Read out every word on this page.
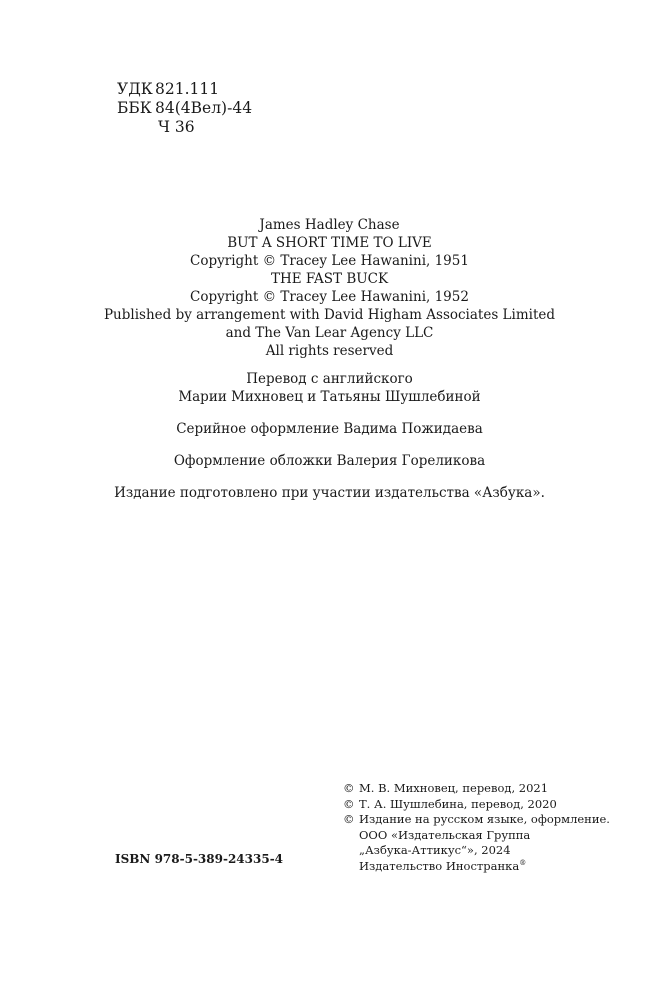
УДК 821.111
ББК 84(4Вел)-44
Ч 36
James Hadley Chase
BUT A SHORT TIME TO LIVE
Copyright © Tracey Lee Hawanini, 1951
THE FAST BUCK
Copyright © Tracey Lee Hawanini, 1952
Published by arrangement with David Higham Associates Limited
and The Van Lear Agency LLC
All rights reserved
Перевод с английского
Марии Михновец и Татьяны Шушлебиной
Серийное оформление Вадима Пожидаева
Оформление обложки Валерия Гореликова
Издание подготовлено при участии издательства «Азбука».
ISBN 978-5-389-24335-4
© М. В. Михновец, перевод, 2021
© Т. А. Шушлебина, перевод, 2020
© Издание на русском языке, оформление.
ООО «Издательская Группа
„Азбука-Аттикус“», 2024
Издательство Иностранка®
